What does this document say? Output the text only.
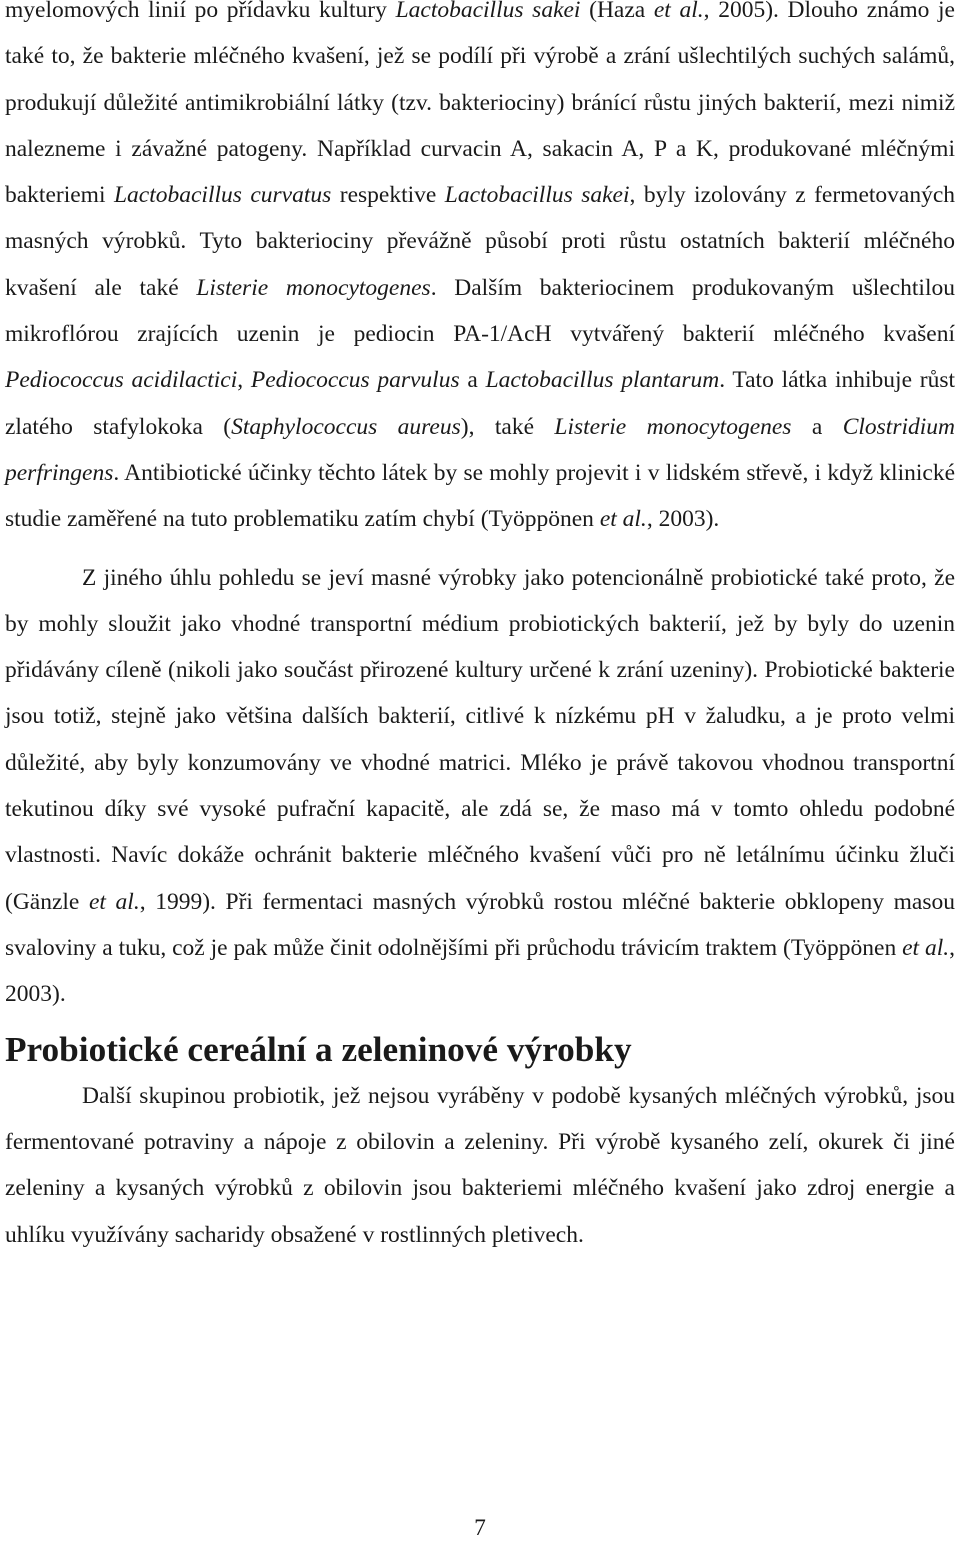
myelomových linií po přídavku kultury Lactobacillus sakei (Haza et al., 2005). Dlouho známo je také to, že bakterie mléčného kvašení, jež se podílí při výrobě a zrání ušlechtilých suchých salámů, produkují důležité antimikrobiální látky (tzv. bakteriociny) bránící růstu jiných bakterií, mezi nimiž nalezneme i závažné patogeny. Například curvacin A, sakacin A, P a K, produkované mléčnými bakteriemi Lactobacillus curvatus respektive Lactobacillus sakei, byly izolovány z fermetovaných masných výrobků. Tyto bakteriociny převážně působí proti růstu ostatních bakterií mléčného kvašení ale také Listerie monocytogenes. Dalším bakteriocinem produkovaným ušlechtilou mikroflórou zrajících uzenin je pediocin PA-1/AcH vytvářený bakterií mléčného kvašení Pediococcus acidilactici, Pediococcus parvulus a Lactobacillus plantarum. Tato látka inhibuje růst zlatého stafylokoka (Staphylococcus aureus), také Listerie monocytogenes a Clostridium perfringens. Antibiotické účinky těchto látek by se mohly projevit i v lidském střevě, i když klinické studie zaměřené na tuto problematiku zatím chybí (Työppönen et al., 2003).

Z jiného úhlu pohledu se jeví masné výrobky jako potencionálně probiotické také proto, že by mohly sloužit jako vhodné transportní médium probiotických bakterií, jež by byly do uzenin přidávány cíleně (nikoli jako součást přirozené kultury určené k zrání uzeniny). Probiotické bakterie jsou totiž, stejně jako většina dalších bakterií, citlivé k nízkému pH v žaludku, a je proto velmi důležité, aby byly konzumovány ve vhodné matrici. Mléko je právě takovou vhodnou transportní tekutinou díky své vysoké pufrační kapacitě, ale zdá se, že maso má v tomto ohledu podobné vlastnosti. Navíc dokáže ochránit bakterie mléčného kvašení vůči pro ně letálnímu účinku žluči (Gänzle et al., 1999). Při fermentaci masných výrobků rostou mléčné bakterie obklopeny masou svaloviny a tuku, což je pak může činit odolnějšími při průchodu trávicím traktem (Työppönen et al., 2003).

Probiotické cereální a zeleninové výrobky

Další skupinou probiotik, jež nejsou vyráběny v podobě kysaných mléčných výrobků, jsou fermentované potraviny a nápoje z obilovin a zeleniny. Při výrobě kysaného zelí, okurek či jiné zeleniny a kysaných výrobků z obilovin jsou bakteriemi mléčného kvašení jako zdroj energie a uhlíku využívány sacharidy obsažené v rostlinných pletivech.

7
